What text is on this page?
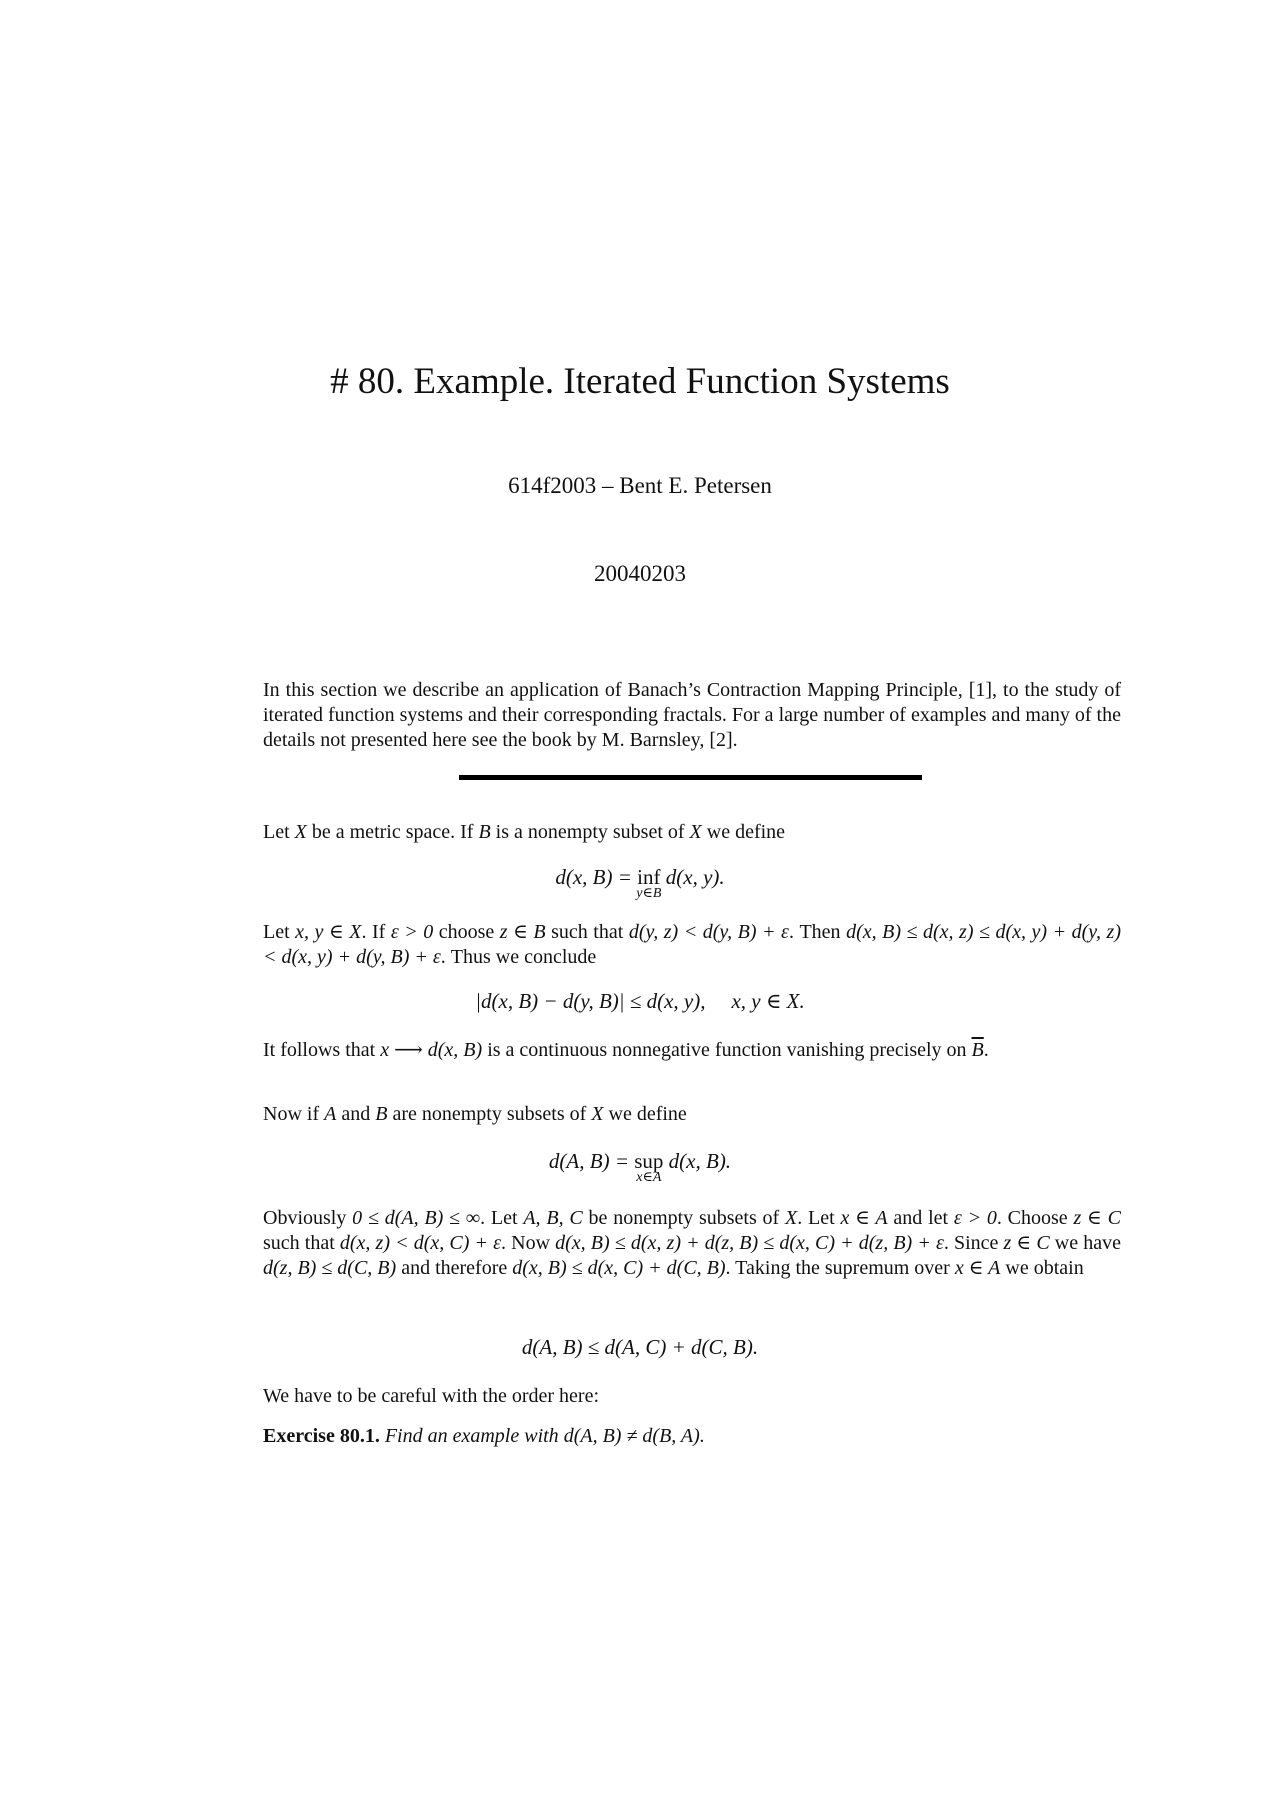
# 80. Example. Iterated Function Systems
614f2003 – Bent E. Petersen
20040203
In this section we describe an application of Banach’s Contraction Mapping Principle, [1], to the study of iterated function systems and their corresponding fractals. For a large number of examples and many of the details not presented here see the book by M. Barnsley, [2].
Let X be a metric space. If B is a nonempty subset of X we define
d(x, B) = inf
y∈B
d(x, y).
Let x, y ∈ X. If ε > 0 choose z ∈ B such that d(y, z) < d(y, B) + ε. Then d(x, B) ≤ d(x, z) ≤ d(x, y) + d(y, z) < d(x, y) + d(y, B) + ε. Thus we conclude
|d(x, B) − d(y, B)| ≤ d(x, y), x, y ∈ X.
It follows that x ⟶ d(x, B) is a continuous nonnegative function vanishing precisely on $\overline{B}$.
Now if A and B are nonempty subsets of X we define
d(A, B) = sup
x∈A
d(x, B).
Obviously 0 ≤ d(A, B) ≤ ∞. Let A, B, C be nonempty subsets of X. Let x ∈ A and let ε > 0. Choose z ∈ C such that d(x, z) < d(x, C) + ε. Now d(x, B) ≤ d(x, z) + d(z, B) ≤ d(x, C) + d(z, B) + ε. Since z ∈ C we have d(z, B) ≤ d(C, B) and therefore d(x, B) ≤ d(x, C) + d(C, B). Taking the supremum over x ∈ A we obtain
d(A, B) ≤ d(A, C) + d(C, B).
We have to be careful with the order here:
Exercise 80.1. Find an example with d(A, B) ≠ d(B, A).
